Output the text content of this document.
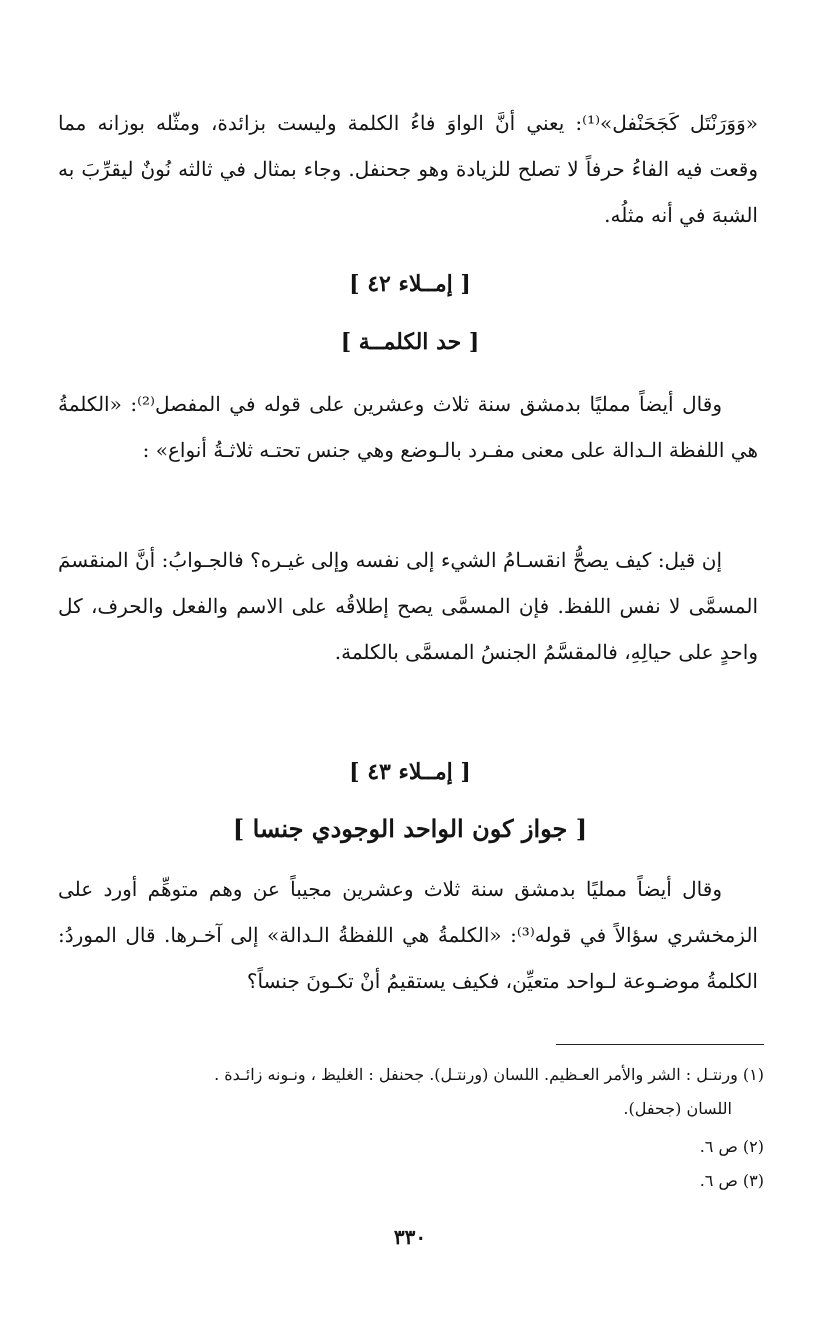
«وَوَرَنْتَل كَجَحَنْفل»⁽¹⁾: يعني أنَّ الواوَ فاءُ الكلمة وليست بزائدة، ومثّله بوزانه مما وقعت فيه الفاءُ حرفاً لا تصلح للزيادة وهو جحنفل. وجاء بمثال في ثالثه نُونٌ ليقرِّبَ به الشبهَ في أنه مثلُه.

[ إمــلاء ٤٢ ]
[ حد الكلمــة ]

وقال أيضاً ممليًا بدمشق سنة ثلاث وعشرين على قوله في المفصل⁽²⁾: «الكلمةُ هي اللفظة الـدالة على معنى مفـرد بالـوضع وهي جنس تحتـه ثلاثـةُ أنواع» :

إن قيل: كيف يصحُّ انقسـامُ الشيء إلى نفسه وإلى غيـره؟ فالجـوابُ: أنَّ المنقسمَ المسمَّى لا نفس اللفظ. فإن المسمَّى يصح إطلاقُه على الاسم والفعل والحرف، كل واحدٍ على حيالِهِ، فالمقسَّمُ الجنسُ المسمَّى بالكلمة.

[ إمــلاء ٤٣ ]
[ جواز كون الواحد الوجودي جنسا ]

وقال أيضاً ممليًا بدمشق سنة ثلاث وعشرين مجيباً عن وهم متوهِّم أورد على الزمخشري سؤالاً في قوله⁽³⁾: «الكلمةُ هي اللفظةُ الـدالة» إلى آخـرها. قال الموردُ: الكلمةُ موضـوعة لـواحد متعيِّن، فكيف يستقيمُ أنْ تكـونَ جنساً؟

(١) ورنتـل : الشر والأمر العـظيم. اللسان (ورنتـل). جحنفل : الغليظ ، ونـونه زائـدة .

اللسان (جحفل).

(٢) ص ٦.

(٣) ص ٦.

٣٣٠
